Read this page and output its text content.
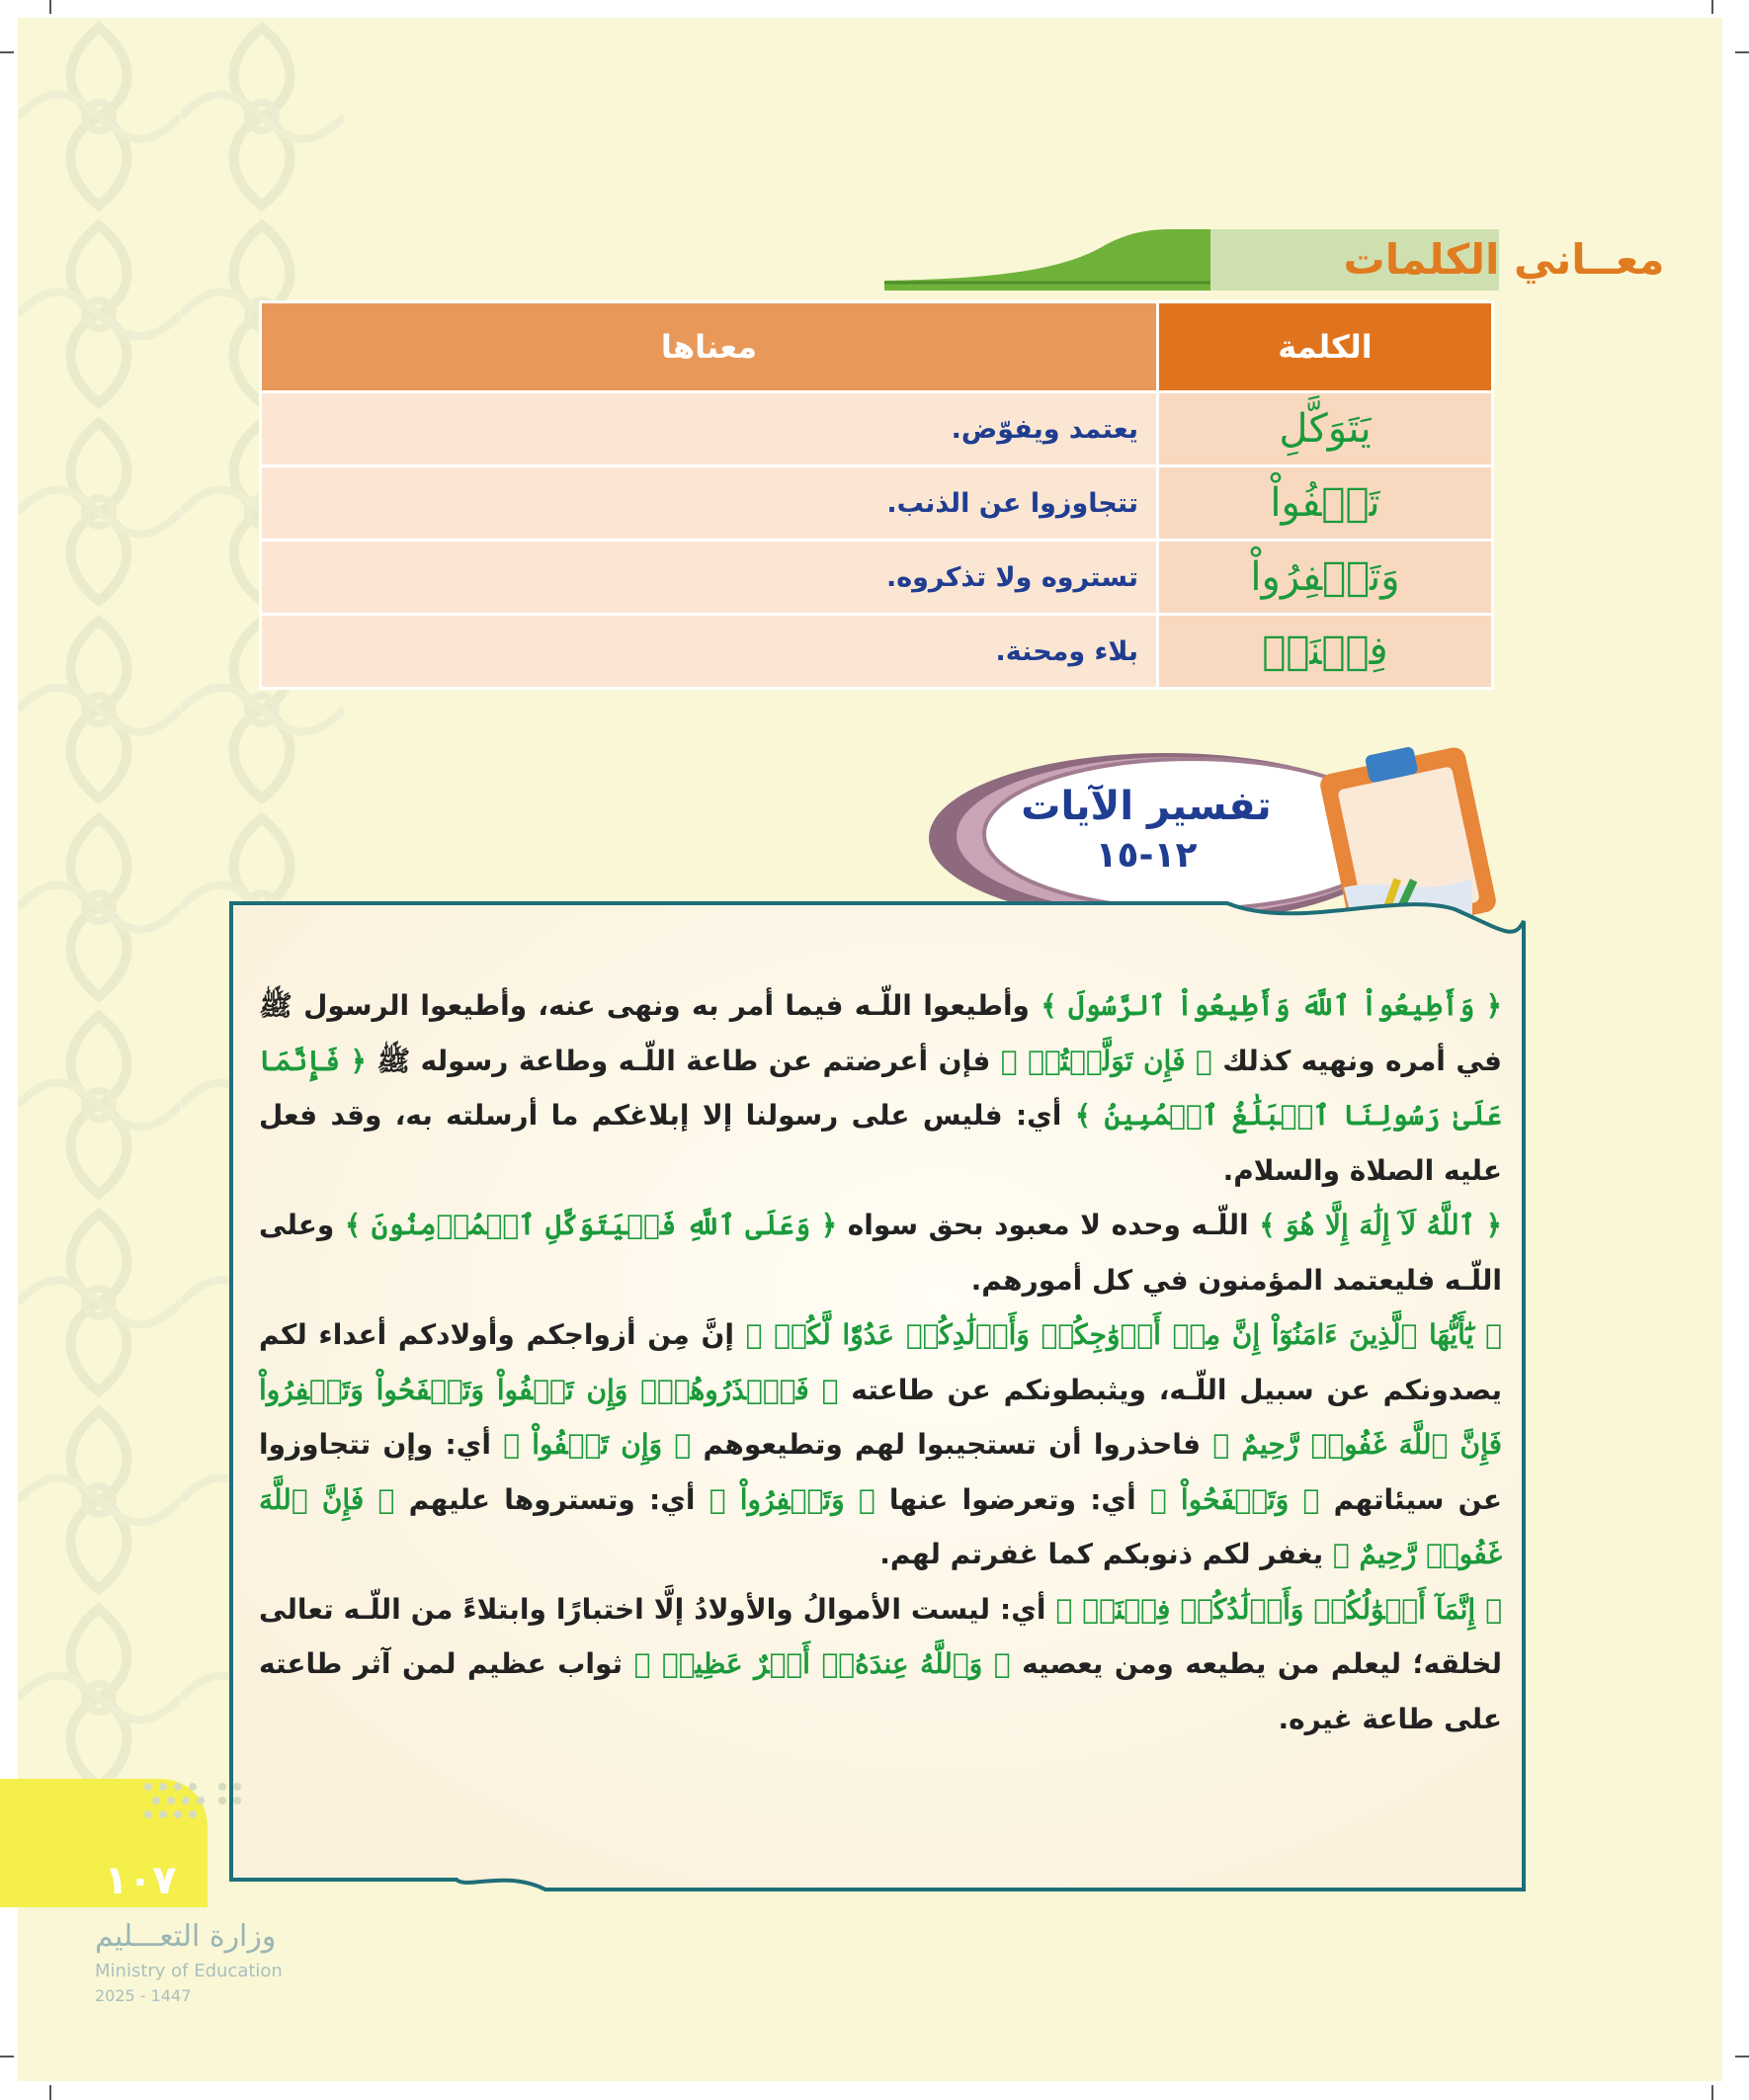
معــاني الكلمات
الكلمة	معناها
يَتَوَكَّلِ	يعتمد ويفوّض.
تَعۡفُواْ	تتجاوزوا عن الذنب.
وَتَغۡفِرُواْ	تستروه ولا تذكروه.
فِتۡنَةٞ	بلاء ومحنة.
تفسير الآيات
١٢-١٥

﴿ وَأَطِيعُواْ ٱللَّهَ وَأَطِيعُواْ ٱلرَّسُولَ ﴾ وأطيعوا اللّـه فيما أمر به ونهى عنه، وأطيعوا الرسول ﷺ في أمره ونهيه كذلك ﴿ فَإِن تَوَلَّيۡتُمۡ ﴾ فإن أعرضتم عن طاعة اللّـه وطاعة رسوله ﷺ ﴿ فَإِنَّمَا عَلَىٰ رَسُولِنَا ٱلۡبَلَٰغُ ٱلۡمُبِينُ ﴾ أي: فليس على رسولنا إلا إبلاغكم ما أرسلته به، وقد فعل عليه الصلاة والسلام.

﴿ ٱللَّهُ لَآ إِلَٰهَ إِلَّا هُوَ ﴾ اللّـه وحده لا معبود بحق سواه ﴿ وَعَلَى ٱللَّهِ فَلۡيَتَوَكَّلِ ٱلۡمُؤۡمِنُونَ ﴾ وعلى اللّـه فليعتمد المؤمنون في كل أمورهم.

﴿ يَٰٓأَيُّهَا ٱلَّذِينَ ءَامَنُوٓاْ إِنَّ مِنۡ أَزۡوَٰجِكُمۡ وَأَوۡلَٰدِكُمۡ عَدُوّٗا لَّكُمۡ ﴾ إنَّ مِن أزواجكم وأولادكم أعداء لكم يصدونكم عن سبيل اللّـه، ويثبطونكم عن طاعته ﴿ فَٱحۡذَرُوهُمۡۚ وَإِن تَعۡفُواْ وَتَصۡفَحُواْ وَتَغۡفِرُواْ فَإِنَّ ٱللَّهَ غَفُورٞ رَّحِيمٌ ﴾ فاحذروا أن تستجيبوا لهم وتطيعوهم ﴿ وَإِن تَعۡفُواْ ﴾ أي: وإن تتجاوزوا عن سيئاتهم ﴿ وَتَصۡفَحُواْ ﴾ أي: وتعرضوا عنها ﴿ وَتَغۡفِرُواْ ﴾ أي: وتستروها عليهم ﴿ فَإِنَّ ٱللَّهَ غَفُورٞ رَّحِيمٌ ﴾ يغفر لكم ذنوبكم كما غفرتم لهم.

﴿ إِنَّمَآ أَمۡوَٰلُكُمۡ وَأَوۡلَٰدُكُمۡ فِتۡنَةٞ ﴾ أي: ليست الأموالُ والأولادُ إلَّا اختبارًا وابتلاءً من اللّـه تعالى لخلقه؛ ليعلم من يطيعه ومن يعصيه ﴿ وَٱللَّهُ عِندَهُۥٓ أَجۡرٌ عَظِيمٞ ﴾ ثواب عظيم لمن آثر طاعته على طاعة غيره.

١٠٧
وزارة التعـــليم
Ministry of Education
2025 - 1447
